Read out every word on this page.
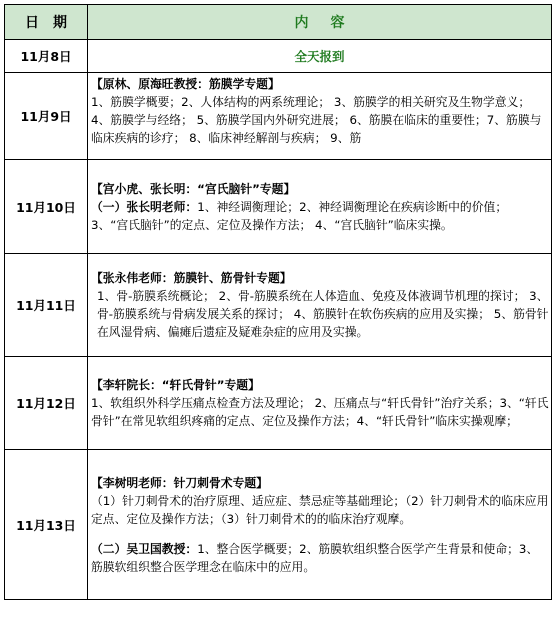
日期	内容
11月8日	全天报到
11月9日	【原林、原海旺教授：筋膜学专题】
1、筋膜学概要；2、人体结构的两系统理论； 3、筋膜学的相关研究及生物学意义； 4、筋膜学与经络； 5、筋膜学国内外研究进展； 6、筋膜在临床的重要性；7、筋膜与临床疾病的诊疗； 8、临床神经解剖与疾病； 9、筋

11月10日	【宫小虎、张长明：“宫氏脑针”专题】
（一）张长明老师：1、神经调衡理论；2、神经调衡理论在疾病诊断中的价值；
3、“宫氏脑针”的定点、定位及操作方法； 4、“宫氏脑针”临床实操。

11月11日	【张永伟老师：筋膜针、筋骨针专题】
1、骨-筋膜系统概论； 2、骨-筋膜系统在人体造血、免疫及体液调节机理的探讨； 3、骨-筋膜系统与骨病发展关系的探讨； 4、筋膜针在软伤疾病的应用及实操； 5、筋骨针在风湿骨病、偏瘫后遗症及疑难杂症的应用及实操。

11月12日	【李轩院长：“轩氏骨针”专题】
1、软组织外科学压痛点检查方法及理论； 2、压痛点与“轩氏骨针”治疗关系；3、“轩氏骨针”在常见软组织疼痛的定点、定位及操作方法；4、“轩氏骨针”临床实操观摩；

11月13日	【李树明老师：针刀刺骨术专题】
（1）针刀刺骨术的治疗原理、适应症、禁忌症等基础理论；（2）针刀刺骨术的临床应用定点、定位及操作方法；（3）针刀刺骨术的的临床治疗观摩。
（二）吴卫国教授：1、整合医学概要；2、筋膜软组织整合医学产生背景和使命；3、筋膜软组织整合医学理念在临床中的应用。
